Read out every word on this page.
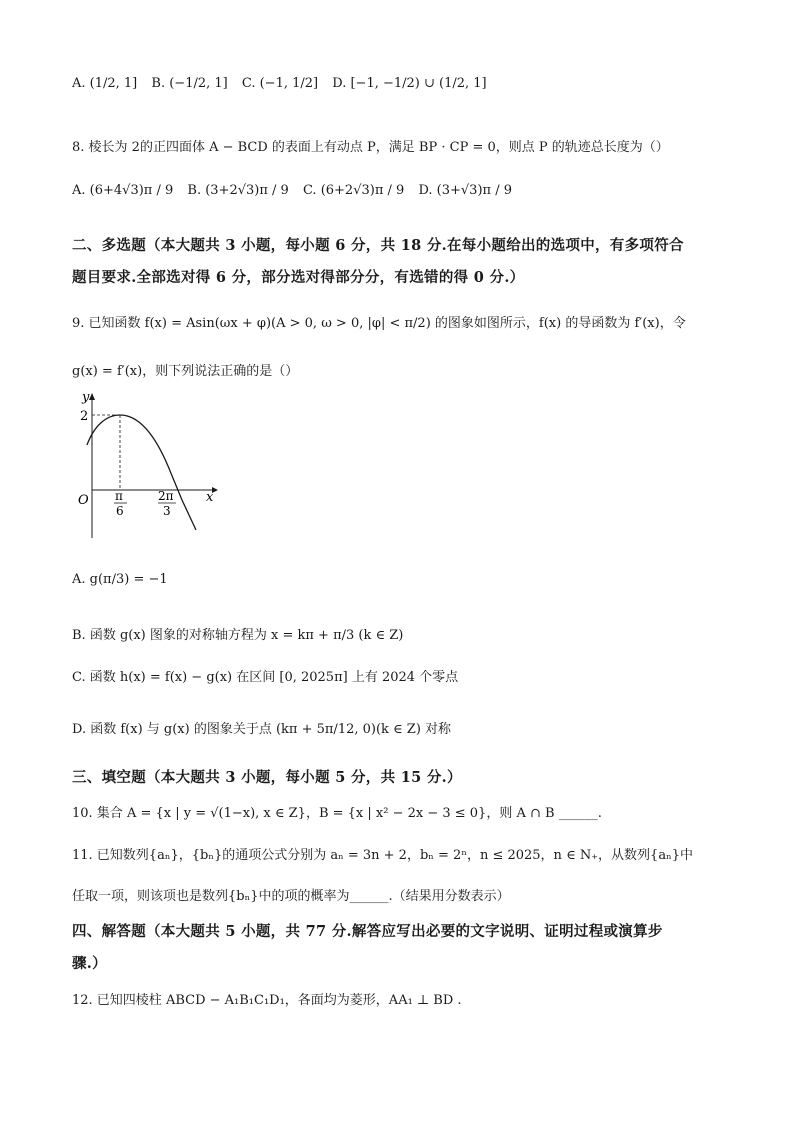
A. (1/2, 1] B. (−1/2, 1] C. (−1, 1/2] D. [−1, −1/2) ∪ (1/2, 1]
8. 棱长为 2的正四面体 A − BCD 的表面上有动点 P，满足 BP · CP = 0，则点 P 的轨迹总长度为（）
A. (6+4√3)π / 9 B. (3+2√3)π / 9 C. (6+2√3)π / 9 D. (3+√3)π / 9
二、多选题（本大题共 3 小题，每小题 6 分，共 18 分.在每小题给出的选项中，有多项符合
题目要求.全部选对得 6 分，部分选对得部分分，有选错的得 0 分.）
9. 已知函数 f(x) = Asin(ωx + φ)(A > 0, ω > 0, |φ| < π/2) 的图象如图所示，f(x) 的导函数为 f′(x)，令
g(x) = f′(x)，则下列说法正确的是（）
y
x
O
2
π
6
2π
3
A. g(π/3) = −1
B. 函数 g(x) 图象的对称轴方程为 x = kπ + π/3 (k ∈ Z)
C. 函数 h(x) = f(x) − g(x) 在区间 [0, 2025π] 上有 2024 个零点
D. 函数 f(x) 与 g(x) 的图象关于点 (kπ + 5π/12, 0)(k ∈ Z) 对称
三、填空题（本大题共 3 小题，每小题 5 分，共 15 分.）
10. 集合 A = {x | y = √(1−x), x ∈ Z}，B = {x | x² − 2x − 3 ≤ 0}，则 A ∩ B ______.
11. 已知数列{aₙ}，{bₙ}的通项公式分别为 aₙ = 3n + 2，bₙ = 2ⁿ，n ≤ 2025，n ∈ N₊，从数列{aₙ}中
任取一项，则该项也是数列{bₙ}中的项的概率为______.（结果用分数表示）
四、解答题（本大题共 5 小题，共 77 分.解答应写出必要的文字说明、证明过程或演算步
骤.）
12. 已知四棱柱 ABCD − A₁B₁C₁D₁，各面均为菱形，AA₁ ⊥ BD .
